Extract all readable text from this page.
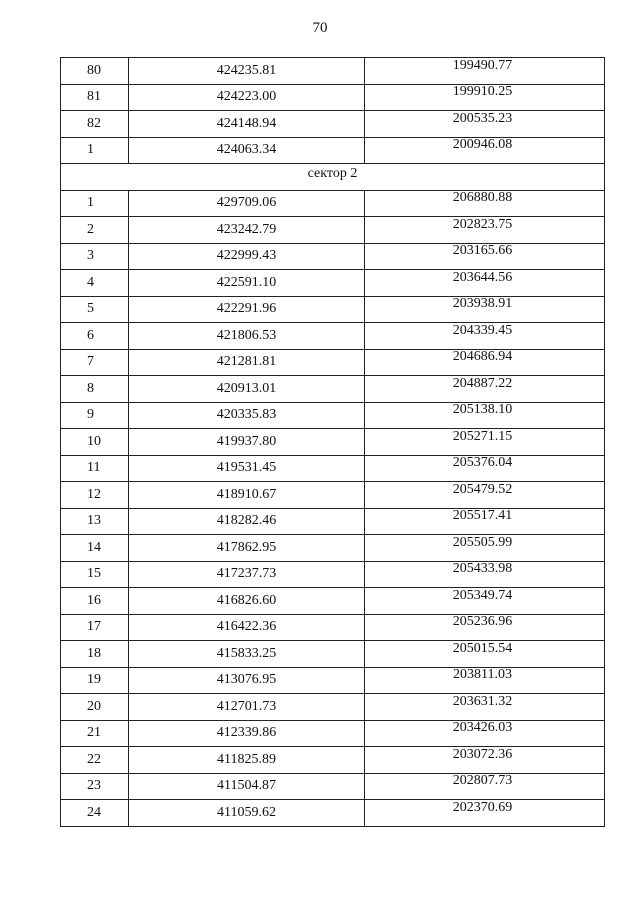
70
80	424235.81	199490.77
81	424223.00	199910.25
82	424148.94	200535.23
1	424063.34	200946.08
сектор 2		
1	429709.06	206880.88
2	423242.79	202823.75
3	422999.43	203165.66
4	422591.10	203644.56
5	422291.96	203938.91
6	421806.53	204339.45
7	421281.81	204686.94
8	420913.01	204887.22
9	420335.83	205138.10
10	419937.80	205271.15
11	419531.45	205376.04
12	418910.67	205479.52
13	418282.46	205517.41
14	417862.95	205505.99
15	417237.73	205433.98
16	416826.60	205349.74
17	416422.36	205236.96
18	415833.25	205015.54
19	413076.95	203811.03
20	412701.73	203631.32
21	412339.86	203426.03
22	411825.89	203072.36
23	411504.87	202807.73
24	411059.62	202370.69
